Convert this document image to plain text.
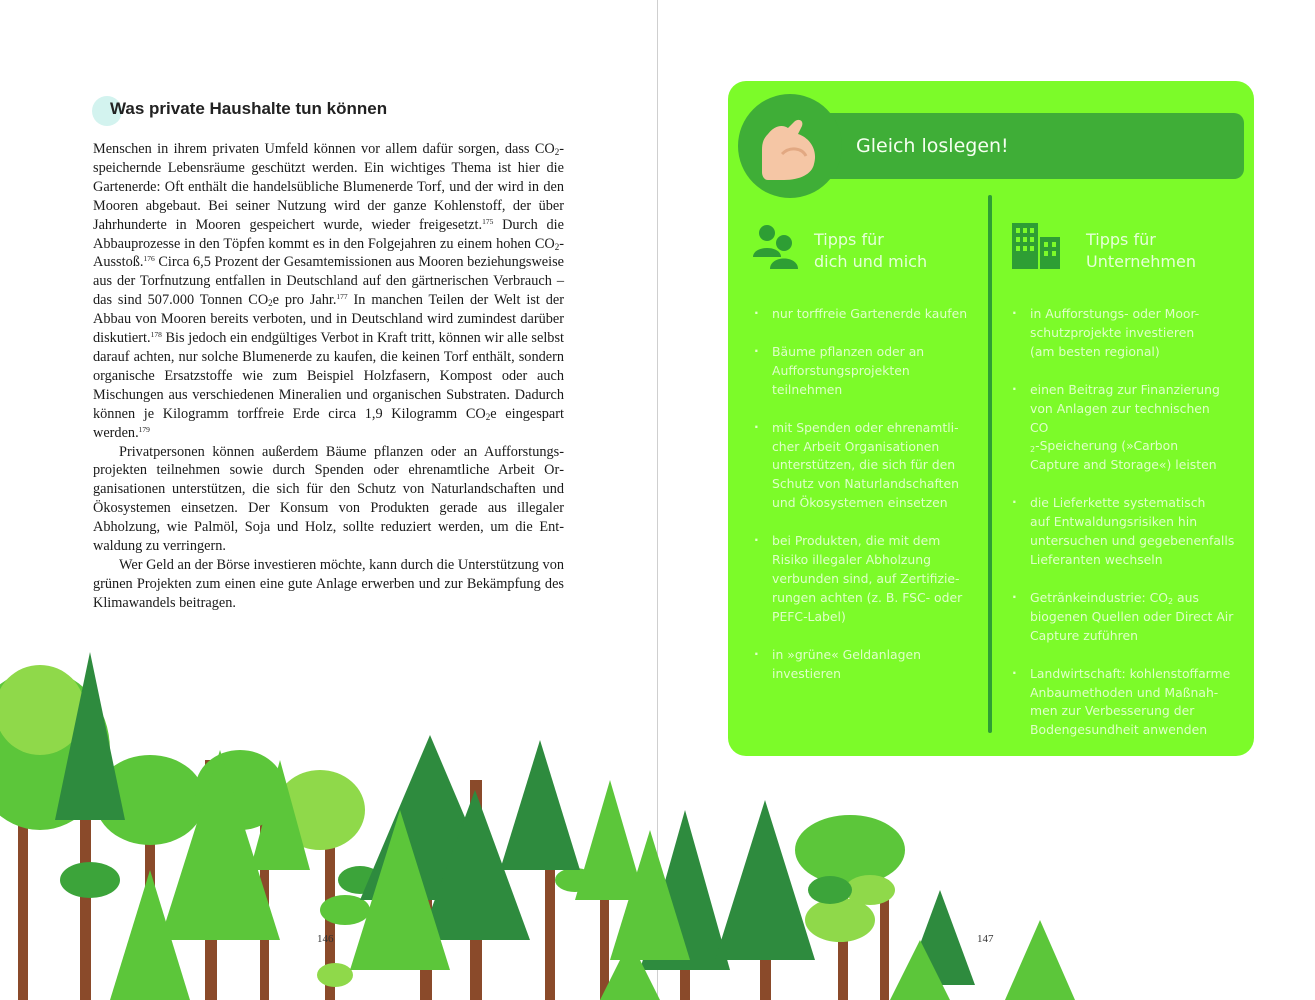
Was private Haushalte tun können

Menschen in ihrem privaten Umfeld können vor allem dafür sorgen, dass $CO_2$-speichernde Lebensräume geschützt werden. Ein wichtiges Thema ist hier die Gartenerde: Oft enthält die handelsübliche Blumenerde Torf, und der wird in den Mooren abgebaut. Bei seiner Nutzung wird der ganze Kohlenstoff, der über Jahrhunderte in Mooren gespeichert wurde, wieder freigesetzt.$^{175}$ Durch die Abbauprozesse in den Töpfen kommt es in den Folgejahren zu einem hohen $CO_2-Ausstoß.^{176}$ Circa 6,5 Prozent der Gesamtemissionen aus Mooren beziehungsweise aus der Torfnutzung entfallen in Deutschland auf den gärtnerischen Verbrauch – das sind 507.000 Tonnen $CO_2e$ pro Jahr.$^{177}$ In manchen Teilen der Welt ist der Abbau von Mooren bereits verboten, und in Deutschland wird zumindest darüber diskutiert.$^{178}$ Bis jedoch ein endgültiges Verbot in Kraft tritt, können wir alle selbst darauf achten, nur solche Blumenerde zu kaufen, die keinen Torf enthält, sondern organische Ersatzstoffe wie zum Beispiel Holzfasern, Kompost oder auch Mischungen aus verschiedenen Mineralien und organischen Substraten. Dadurch können je Kilogramm torffreie Erde circa 1,9 Kilogramm $CO_2e$ eingespart werden.$^{179}$

Privatpersonen können außerdem Bäume pflanzen oder an Aufforstungsprojekten teilnehmen sowie durch Spenden oder ehrenamtliche Arbeit Organisationen unterstützen, die sich für den Schutz von Naturlandschaften und Ökosystemen einsetzen. Der Konsum von Produkten gerade aus illegaler Abholzung, wie Palmöl, Soja und Holz, sollte reduziert werden, um die Entwaldung zu verringern.

Wer Geld an der Börse investieren möchte, kann durch die Unterstützung von grünen Projekten zum einen eine gute Anlage erwerben und zur Bekämpfung des Klimawandels beitragen.

146	147
Gleich loslegen!
Tipps für
dich und mich
· nur torffreie Gartenerde kaufen
· Bäume pflanzen oder an
Aufforstungsprojekten
teilnehmen
· mit Spenden oder ehrenamtli-
cher Arbeit Organisationen
unterstützen, die sich für den
Schutz von Naturlandschaften
und Ökosystemen einsetzen
· bei Produkten, die mit dem
Risiko illegaler Abholzung
verbunden sind, auf Zertifizie-
rungen achten (z. B. FSC- oder
PEFC-Label)
· in »grüne« Geldanlagen
investieren
Tipps für
Unternehmen
· in Aufforstungs- oder Moor-
schutzprojekte investieren
(am besten regional)
· einen Beitrag zur Finanzierung
von Anlagen zur technischen
CO
$_2$-Speicherung (»Carbon
Capture and Storage«) leisten
· die Lieferkette systematisch
auf Entwaldungsrisiken hin
untersuchen und gegebenenfalls
Lieferanten wechseln
· Getränkeindustrie: $CO_2$ aus
biogenen Quellen oder Direct Air
Capture zuführen
· Landwirtschaft: kohlenstoffarme
Anbaumethoden und Maßnah-
men zur Verbesserung der
Bodengesundheit anwenden
